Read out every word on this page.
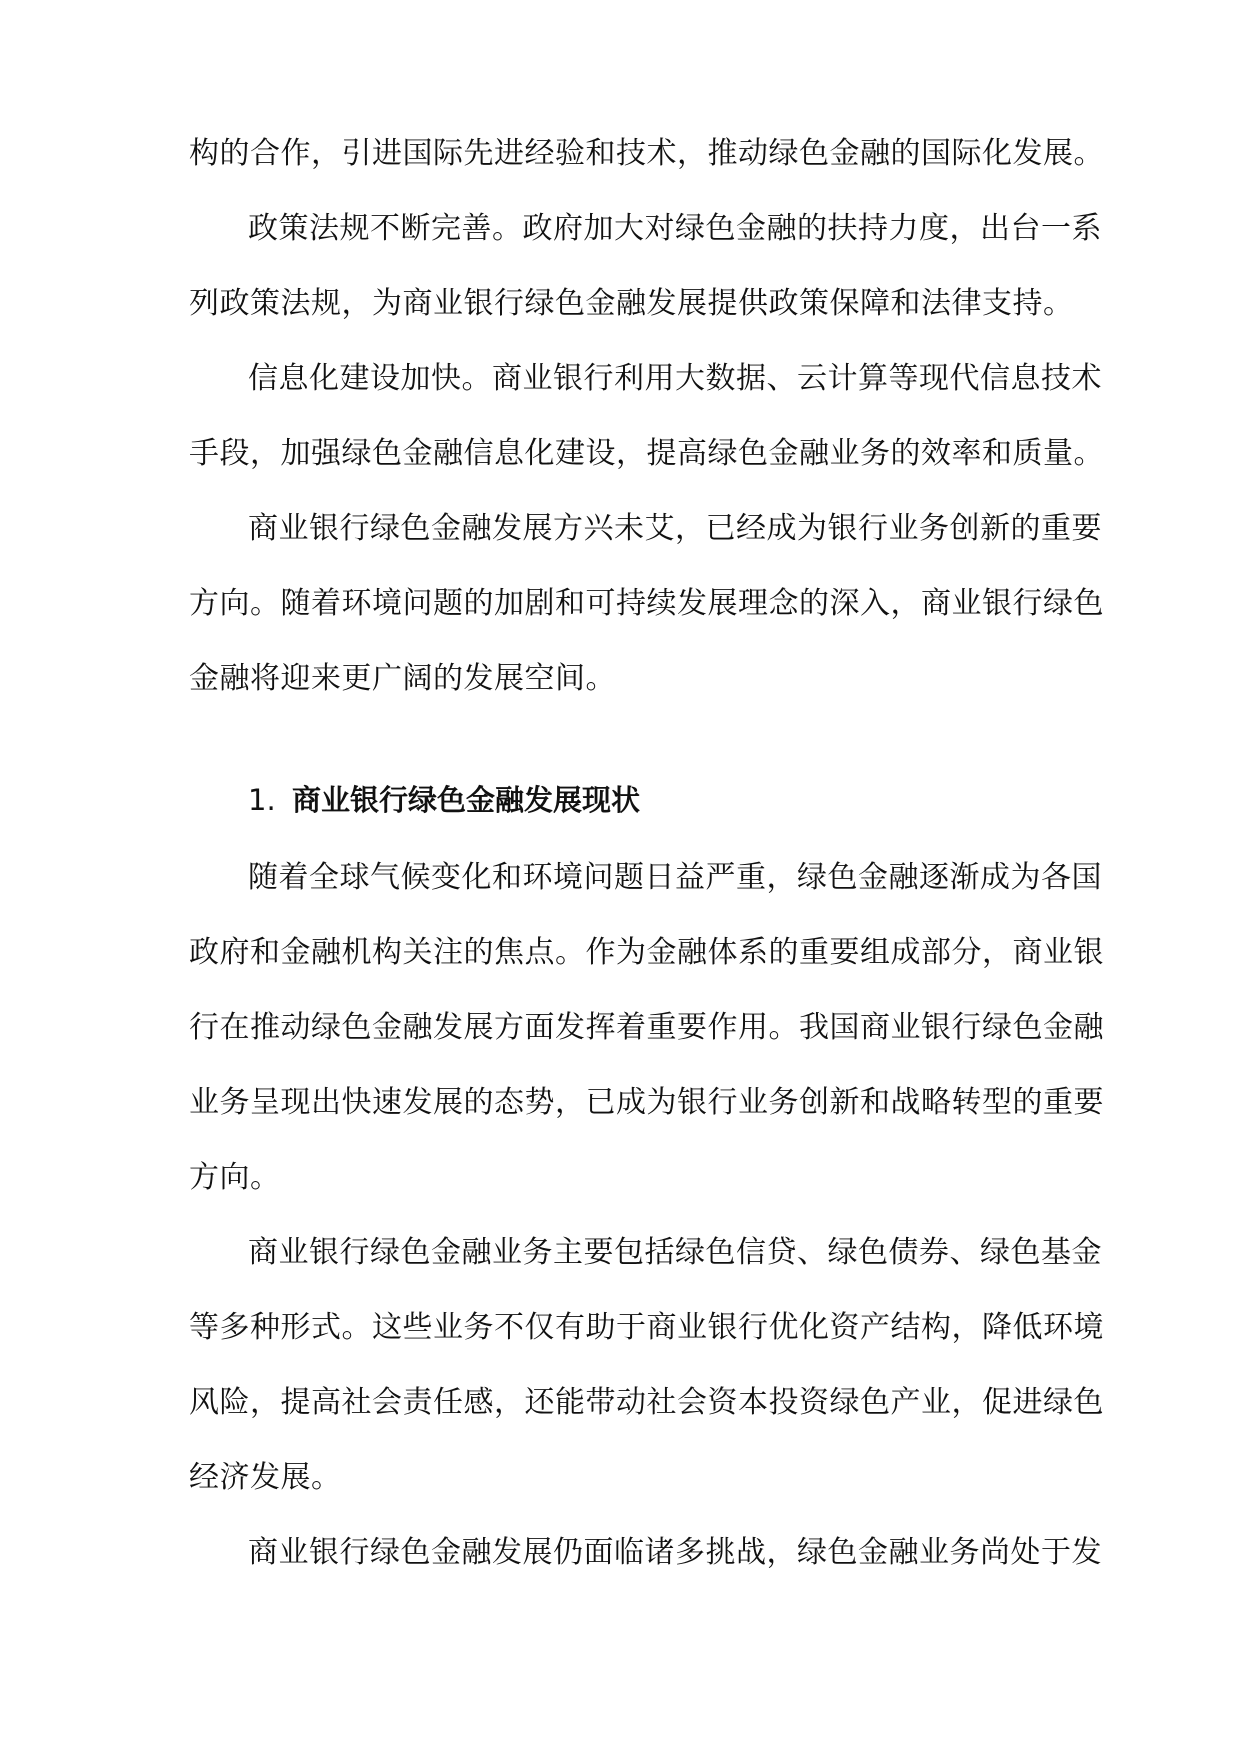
构的合作，引进国际先进经验和技术，推动绿色金融的国际化发展。
政策法规不断完善。政府加大对绿色金融的扶持力度，出台一系
列政策法规，为商业银行绿色金融发展提供政策保障和法律支持。
信息化建设加快。商业银行利用大数据、云计算等现代信息技术
手段，加强绿色金融信息化建设，提高绿色金融业务的效率和质量。
商业银行绿色金融发展方兴未艾，已经成为银行业务创新的重要
方向。随着环境问题的加剧和可持续发展理念的深入，商业银行绿色
金融将迎来更广阔的发展空间。
1. 商业银行绿色金融发展现状
随着全球气候变化和环境问题日益严重，绿色金融逐渐成为各国
政府和金融机构关注的焦点。作为金融体系的重要组成部分，商业银
行在推动绿色金融发展方面发挥着重要作用。我国商业银行绿色金融
业务呈现出快速发展的态势，已成为银行业务创新和战略转型的重要
方向。
商业银行绿色金融业务主要包括绿色信贷、绿色债券、绿色基金
等多种形式。这些业务不仅有助于商业银行优化资产结构，降低环境
风险，提高社会责任感，还能带动社会资本投资绿色产业，促进绿色
经济发展。
商业银行绿色金融发展仍面临诸多挑战，绿色金融业务尚处于发
